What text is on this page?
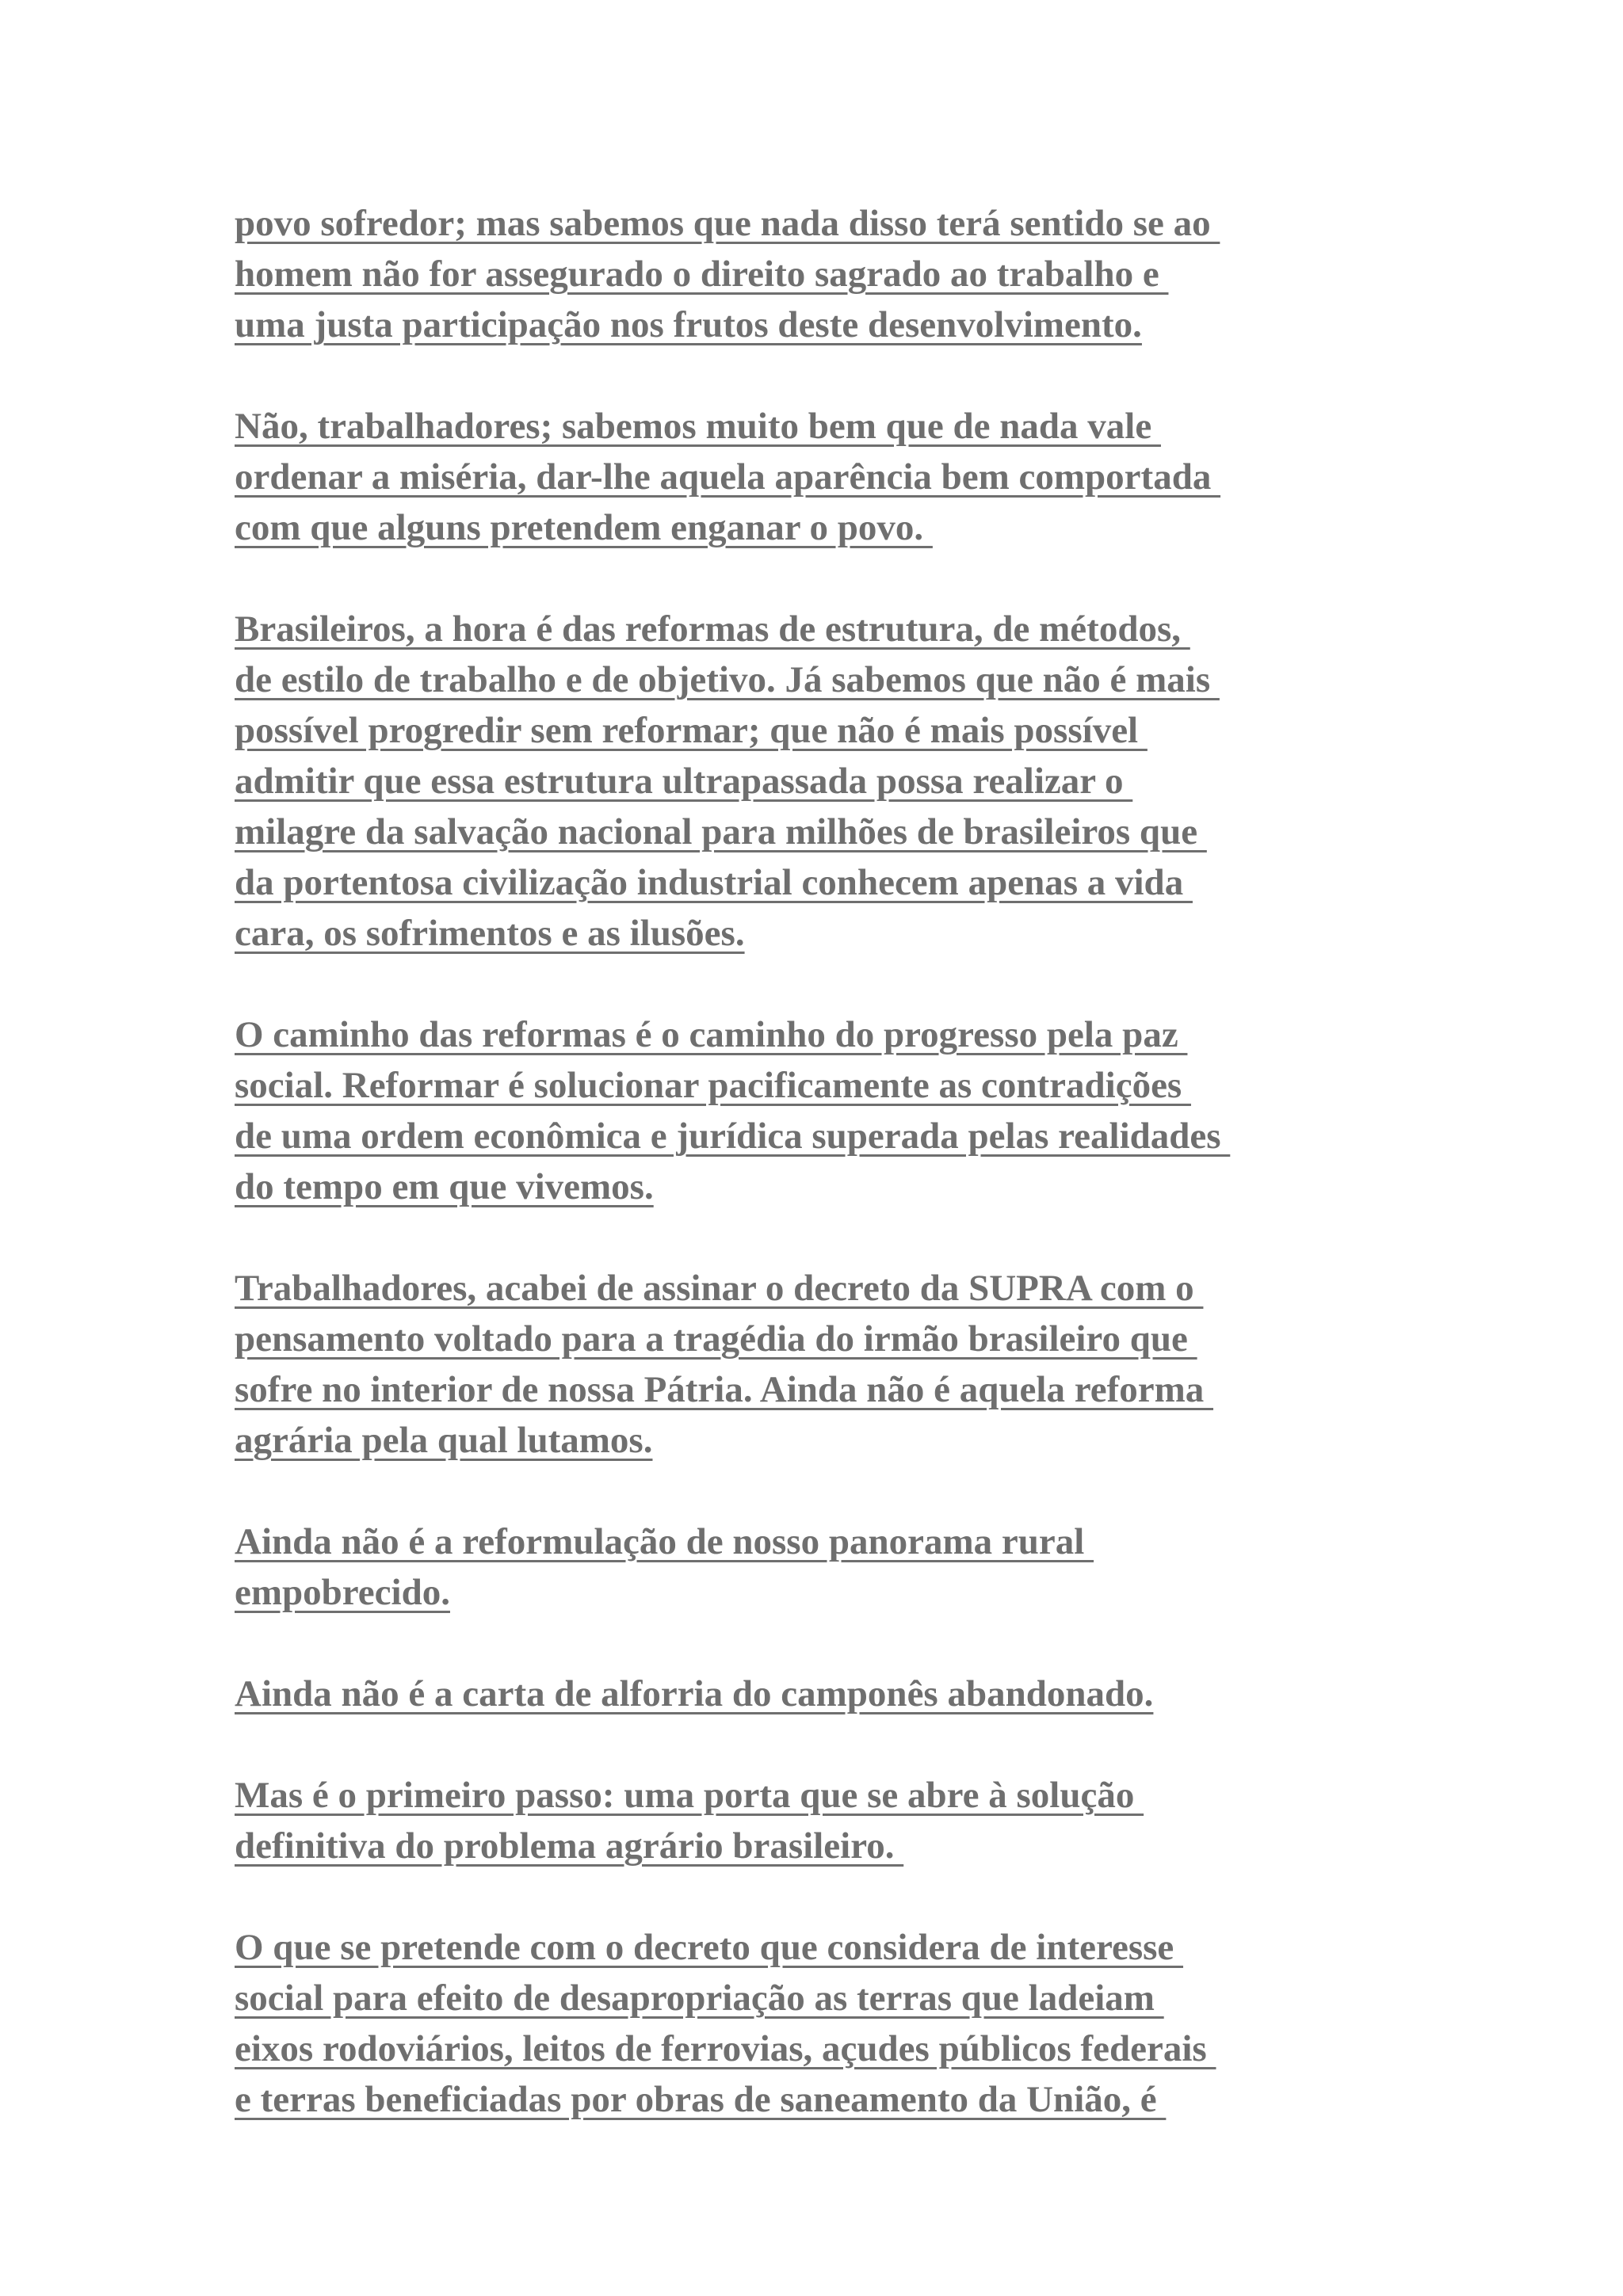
povo sofredor; mas sabemos que nada disso terá sentido se ao
homem não for assegurado o direito sagrado ao trabalho e
uma justa participação nos frutos deste desenvolvimento.

Não, trabalhadores; sabemos muito bem que de nada vale
ordenar a miséria, dar-lhe aquela aparência bem comportada
com que alguns pretendem enganar o povo.

Brasileiros, a hora é das reformas de estrutura, de métodos,
de estilo de trabalho e de objetivo. Já sabemos que não é mais
possível progredir sem reformar; que não é mais possível
admitir que essa estrutura ultrapassada possa realizar o
milagre da salvação nacional para milhões de brasileiros que
da portentosa civilização industrial conhecem apenas a vida
cara, os sofrimentos e as ilusões.

O caminho das reformas é o caminho do progresso pela paz
social. Reformar é solucionar pacificamente as contradições
de uma ordem econômica e jurídica superada pelas realidades
do tempo em que vivemos.

Trabalhadores, acabei de assinar o decreto da SUPRA com o
pensamento voltado para a tragédia do irmão brasileiro que
sofre no interior de nossa Pátria. Ainda não é aquela reforma
agrária pela qual lutamos.

Ainda não é a reformulação de nosso panorama rural
empobrecido.

Ainda não é a carta de alforria do camponês abandonado.

Mas é o primeiro passo: uma porta que se abre à solução
definitiva do problema agrário brasileiro.

O que se pretende com o decreto que considera de interesse
social para efeito de desapropriação as terras que ladeiam
eixos rodoviários, leitos de ferrovias, açudes públicos federais
e terras beneficiadas por obras de saneamento da União, é
